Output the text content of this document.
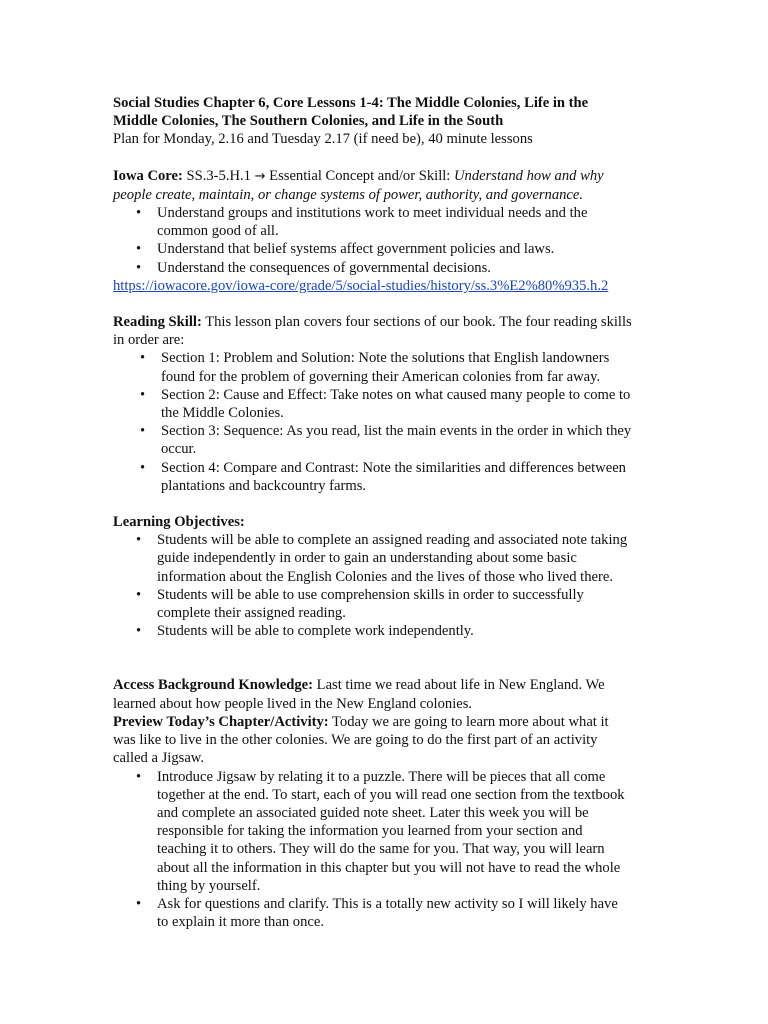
Social Studies Chapter 6, Core Lessons 1-4: The Middle Colonies, Life in the Middle Colonies, The Southern Colonies, and Life in the South

Plan for Monday, 2.16 and Tuesday 2.17 (if need be), 40 minute lessons

Iowa Core: SS.3-5.H.1 → Essential Concept and/or Skill: Understand how and why people create, maintain, or change systems of power, authority, and governance.

• Understand groups and institutions work to meet individual needs and the common good of all.
• Understand that belief systems affect government policies and laws.
• Understand the consequences of governmental decisions.

https://iowacore.gov/iowa-core/grade/5/social-studies/history/ss.3%E2%80%935.h.2

Reading Skill: This lesson plan covers four sections of our book. The four reading skills in order are:

• Section 1: Problem and Solution: Note the solutions that English landowners found for the problem of governing their American colonies from far away.
• Section 2: Cause and Effect: Take notes on what caused many people to come to the Middle Colonies.
• Section 3: Sequence: As you read, list the main events in the order in which they occur.
• Section 4: Compare and Contrast: Note the similarities and differences between plantations and backcountry farms.

Learning Objectives:

• Students will be able to complete an assigned reading and associated note taking guide independently in order to gain an understanding about some basic information about the English Colonies and the lives of those who lived there.
• Students will be able to use comprehension skills in order to successfully complete their assigned reading.
• Students will be able to complete work independently.

Access Background Knowledge: Last time we read about life in New England. We learned about how people lived in the New England colonies.

Preview Today’s Chapter/Activity: Today we are going to learn more about what it was like to live in the other colonies. We are going to do the first part of an activity called a Jigsaw.

• Introduce Jigsaw by relating it to a puzzle. There will be pieces that all come together at the end. To start, each of you will read one section from the textbook and complete an associated guided note sheet. Later this week you will be responsible for taking the information you learned from your section and teaching it to others. They will do the same for you. That way, you will learn about all the information in this chapter but you will not have to read the whole thing by yourself.
• Ask for questions and clarify. This is a totally new activity so I will likely have to explain it more than once.
